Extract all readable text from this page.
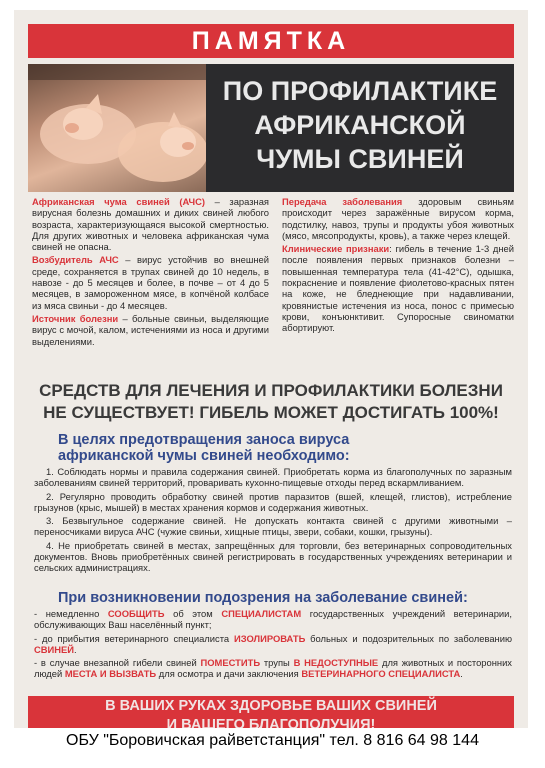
ПАМЯТКА
ПО ПРОФИЛАКТИКЕ
АФРИКАНСКОЙ
ЧУМЫ СВИНЕЙ

Африканская чума свиней (АЧС) – заразная вирусная болезнь домашних и диких свиней любого возраста, характеризующаяся высокой смертностью. Для других животных и человека африканская чума свиней не опасна.

Возбудитель АЧС – вирус устойчив во внешней среде, сохраняется в трупах свиней до 10 недель, в навозе - до 5 месяцев и более, в почве – от 4 до 5 месяцев, в замороженном мясе, в копчёной колбасе из мяса свиньи - до 4 месяцев.

Источник болезни – больные свиньи, выделяющие вирус с мочой, калом, истечениями из носа и другими выделениями.

Передача заболевания здоровым свиньям происходит через заражённые вирусом корма, подстилку, навоз, трупы и продукты убоя животных (мясо, мясопродукты, кровь), а также через клещей.

Клинические признаки: гибель в течение 1-3 дней после появления первых признаков болезни – повышенная температура тела (41-42°С), одышка, покраснение и появление фиолетово-красных пятен на коже, не бледнеющие при надавливании, кровянистые истечения из носа, понос с примесью крови, конъюнктивит. Супоросные свиноматки абортируют.

СРЕДСТВ ДЛЯ ЛЕЧЕНИЯ И ПРОФИЛАКТИКИ БОЛЕЗНИ
НЕ СУЩЕСТВУЕТ! ГИБЕЛЬ МОЖЕТ ДОСТИГАТЬ 100%!
В целях предотвращения заноса вируса
африканской чумы свиней необходимо:

1. Соблюдать нормы и правила содержания свиней. Приобретать корма из благополучных по заразным заболеваниям свиней территорий, проваривать кухонно-пищевые отходы перед вскармливанием.

2. Регулярно проводить обработку свиней против паразитов (вшей, клещей, глистов), истребление грызунов (крыс, мышей) в местах хранения кормов и содержания животных.

3. Безвыгульное содержание свиней. Не допускать контакта свиней с другими животными – переносчиками вируса АЧС (чужие свиньи, хищные птицы, звери, собаки, кошки, грызуны).

4. Не приобретать свиней в местах, запрещённых для торговли, без ветеринарных сопроводительных документов. Вновь приобретённых свиней регистрировать в государственных учреждениях ветеринарии и сельских администрациях.

При возникновении подозрения на заболевание свиней:

- немедленно СООБЩИТЬ об этом СПЕЦИАЛИСТАМ государственных учреждений ветеринарии, обслуживающих Ваш населённый пункт;

- до прибытия ветеринарного специалиста ИЗОЛИРОВАТЬ больных и подозрительных по заболеванию СВИНЕЙ.

- в случае внезапной гибели свиней ПОМЕСТИТЬ трупы В НЕДОСТУПНЫЕ для животных и посторонних людей МЕСТА И ВЫЗВАТЬ для осмотра и дачи заключения ВЕТЕРИНАРНОГО СПЕЦИАЛИСТА.

В ВАШИХ РУКАХ ЗДОРОВЬЕ ВАШИХ СВИНЕЙ
И ВАШЕГО БЛАГОПОЛУЧИЯ!
ОБУ "Боровичская райветстанция" тел. 8 816 64 98 144
